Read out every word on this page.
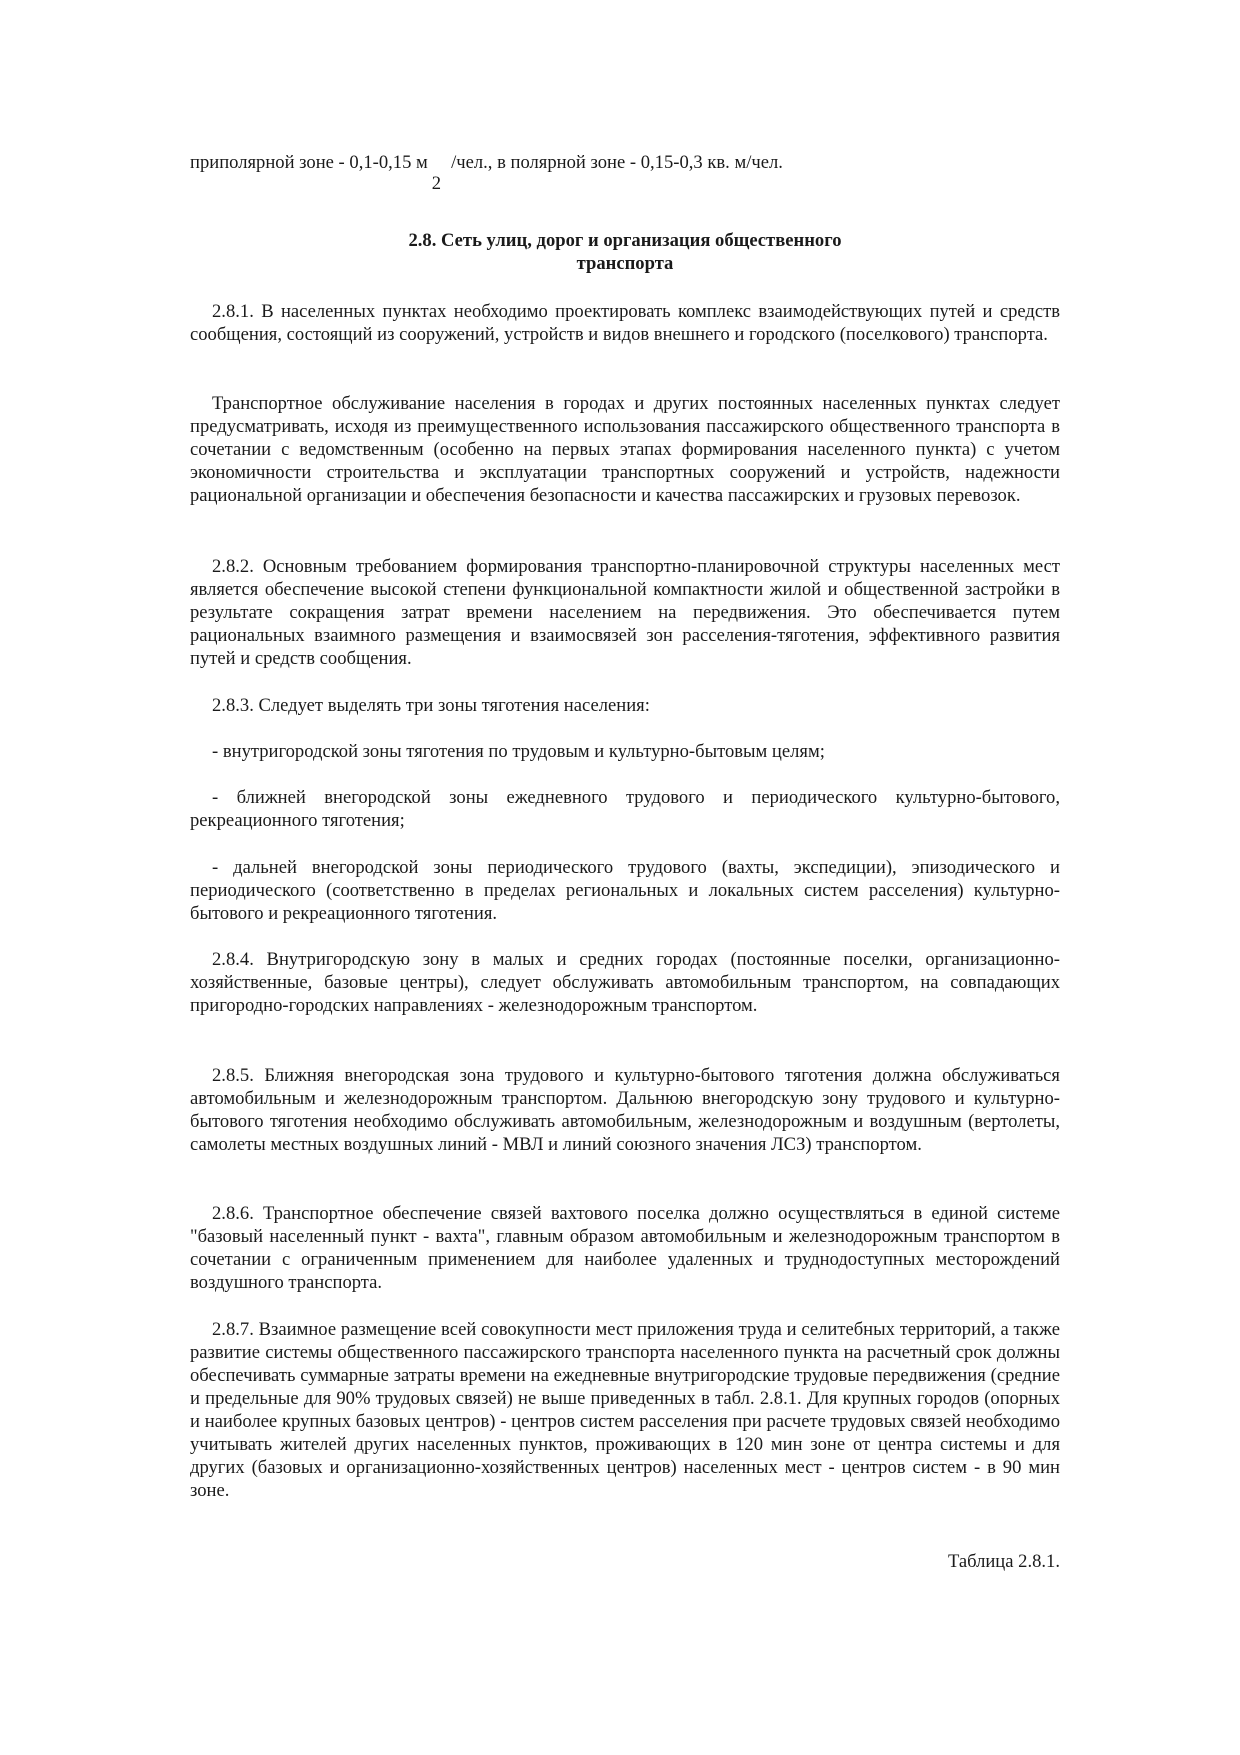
приполярной зоне - 0,1-0,15 м2/чел., в полярной зоне - 0,15-0,3 кв. м/чел.
2.8. Сеть улиц, дорог и организация общественного
транспорта

2.8.1. В населенных пунктах необходимо проектировать комплекс взаимодействующих путей и средств сообщения, состоящий из сооружений, устройств и видов внешнего и городского (поселкового) транспорта.

Транспортное обслуживание населения в городах и других постоянных населенных пунктах следует предусматривать, исходя из преимущественного использования пассажирского общественного транспорта в сочетании с ведомственным (особенно на первых этапах формирования населенного пункта) с учетом экономичности строительства и эксплуатации транспортных сооружений и устройств, надежности рациональной организации и обеспечения безопасности и качества пассажирских и грузовых перевозок.

2.8.2. Основным требованием формирования транспортно-планировочной структуры населенных мест является обеспечение высокой степени функциональной компактности жилой и общественной застройки в результате сокращения затрат времени населением на передвижения. Это обеспечивается путем рациональных взаимного размещения и взаимосвязей зон расселения-тяготения, эффективного развития путей и средств сообщения.

2.8.3. Следует выделять три зоны тяготения населения:

- внутригородской зоны тяготения по трудовым и культурно-бытовым целям;

- ближней внегородской зоны ежедневного трудового и периодического культурно-бытового, рекреационного тяготения;

- дальней внегородской зоны периодического трудового (вахты, экспедиции), эпизодического и периодического (соответственно в пределах региональных и локальных систем расселения) культурно-бытового и рекреационного тяготения.

2.8.4. Внутригородскую зону в малых и средних городах (постоянные поселки, организационно-хозяйственные, базовые центры), следует обслуживать автомобильным транспортом, на совпадающих пригородно-городских направлениях - железнодорожным транспортом.

2.8.5. Ближняя внегородская зона трудового и культурно-бытового тяготения должна обслуживаться автомобильным и железнодорожным транспортом. Дальнюю внегородскую зону трудового и культурно-бытового тяготения необходимо обслуживать автомобильным, железнодорожным и воздушным (вертолеты, самолеты местных воздушных линий - МВЛ и линий союзного значения ЛСЗ) транспортом.

2.8.6. Транспортное обеспечение связей вахтового поселка должно осуществляться в единой системе "базовый населенный пункт - вахта", главным образом автомобильным и железнодорожным транспортом в сочетании с ограниченным применением для наиболее удаленных и труднодоступных месторождений воздушного транспорта.

2.8.7. Взаимное размещение всей совокупности мест приложения труда и селитебных территорий, а также развитие системы общественного пассажирского транспорта населенного пункта на расчетный срок должны обеспечивать суммарные затраты времени на ежедневные внутригородские трудовые передвижения (средние и предельные для 90% трудовых связей) не выше приведенных в табл. 2.8.1. Для крупных городов (опорных и наиболее крупных базовых центров) - центров систем расселения при расчете трудовых связей необходимо учитывать жителей других населенных пунктов, проживающих в 120 мин зоне от центра системы и для других (базовых и организационно-хозяйственных центров) населенных мест - центров систем - в 90 мин зоне.

Таблица 2.8.1.
